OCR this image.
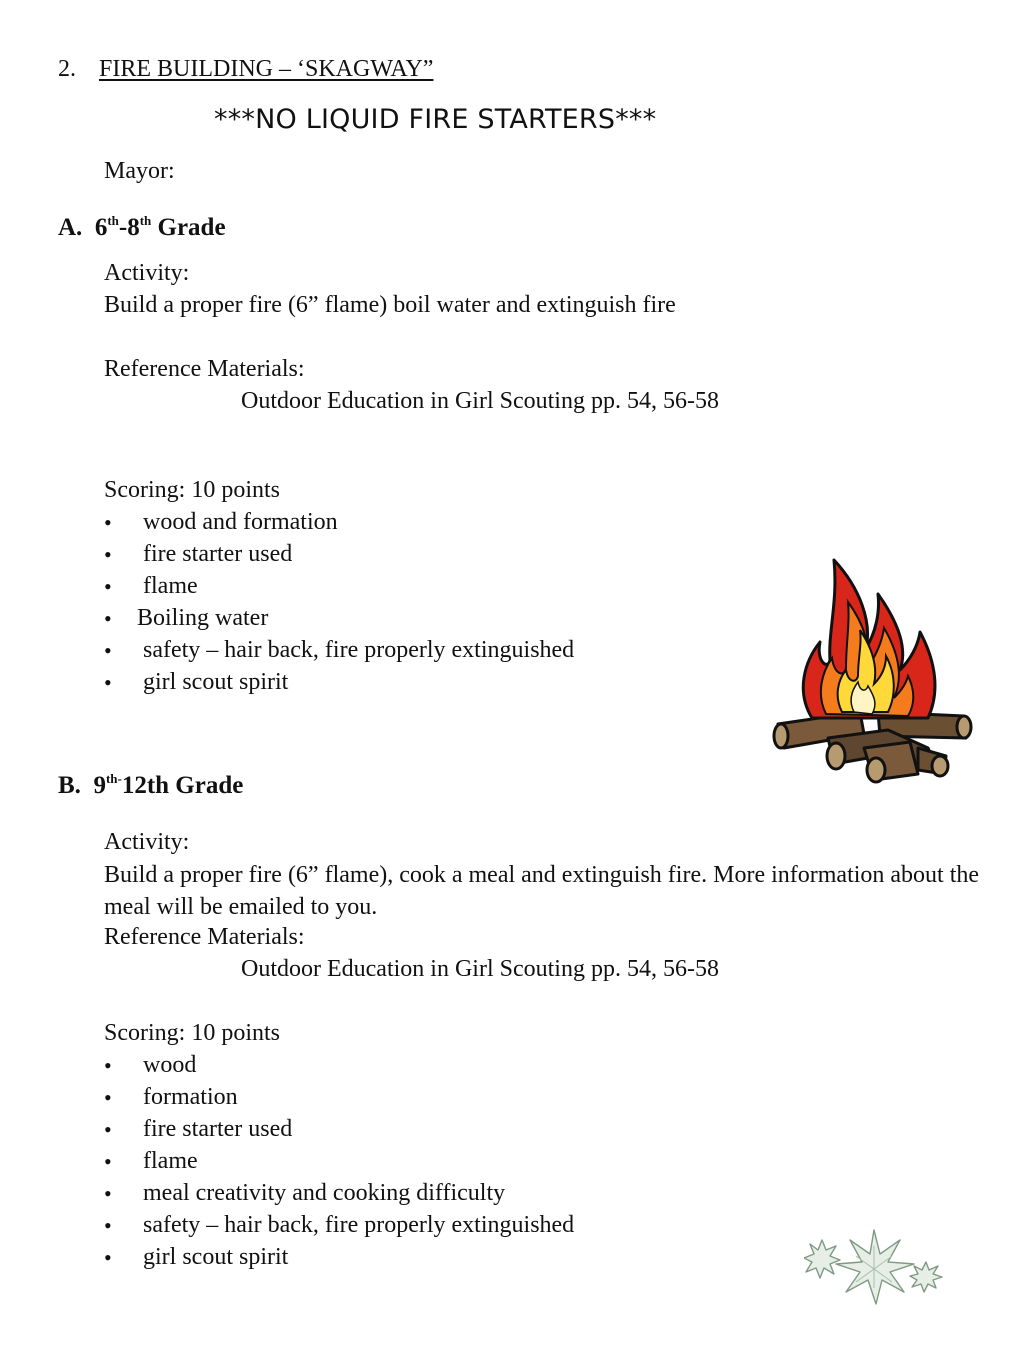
2. FIRE BUILDING – ‘SKAGWAY”
***NO LIQUID FIRE STARTERS***
Mayor:
A. 6th-8th Grade
Activity:
Build a proper fire (6” flame) boil water and extinguish fire
Reference Materials:
Outdoor Education in Girl Scouting pp. 54, 56-58
Scoring: 10 points
• wood and formation
• fire starter used
• flame
• Boiling water
• safety – hair back, fire properly extinguished
• girl scout spirit
B. $9^{th-}12th$ Grade
Activity:
Build a proper fire (6” flame), cook a meal and extinguish fire. More information about the meal will be emailed to you.
Reference Materials:
Outdoor Education in Girl Scouting pp. 54, 56-58
Scoring: 10 points
• wood
• formation
• fire starter used
• flame
• meal creativity and cooking difficulty
• safety – hair back, fire properly extinguished
• girl scout spirit
